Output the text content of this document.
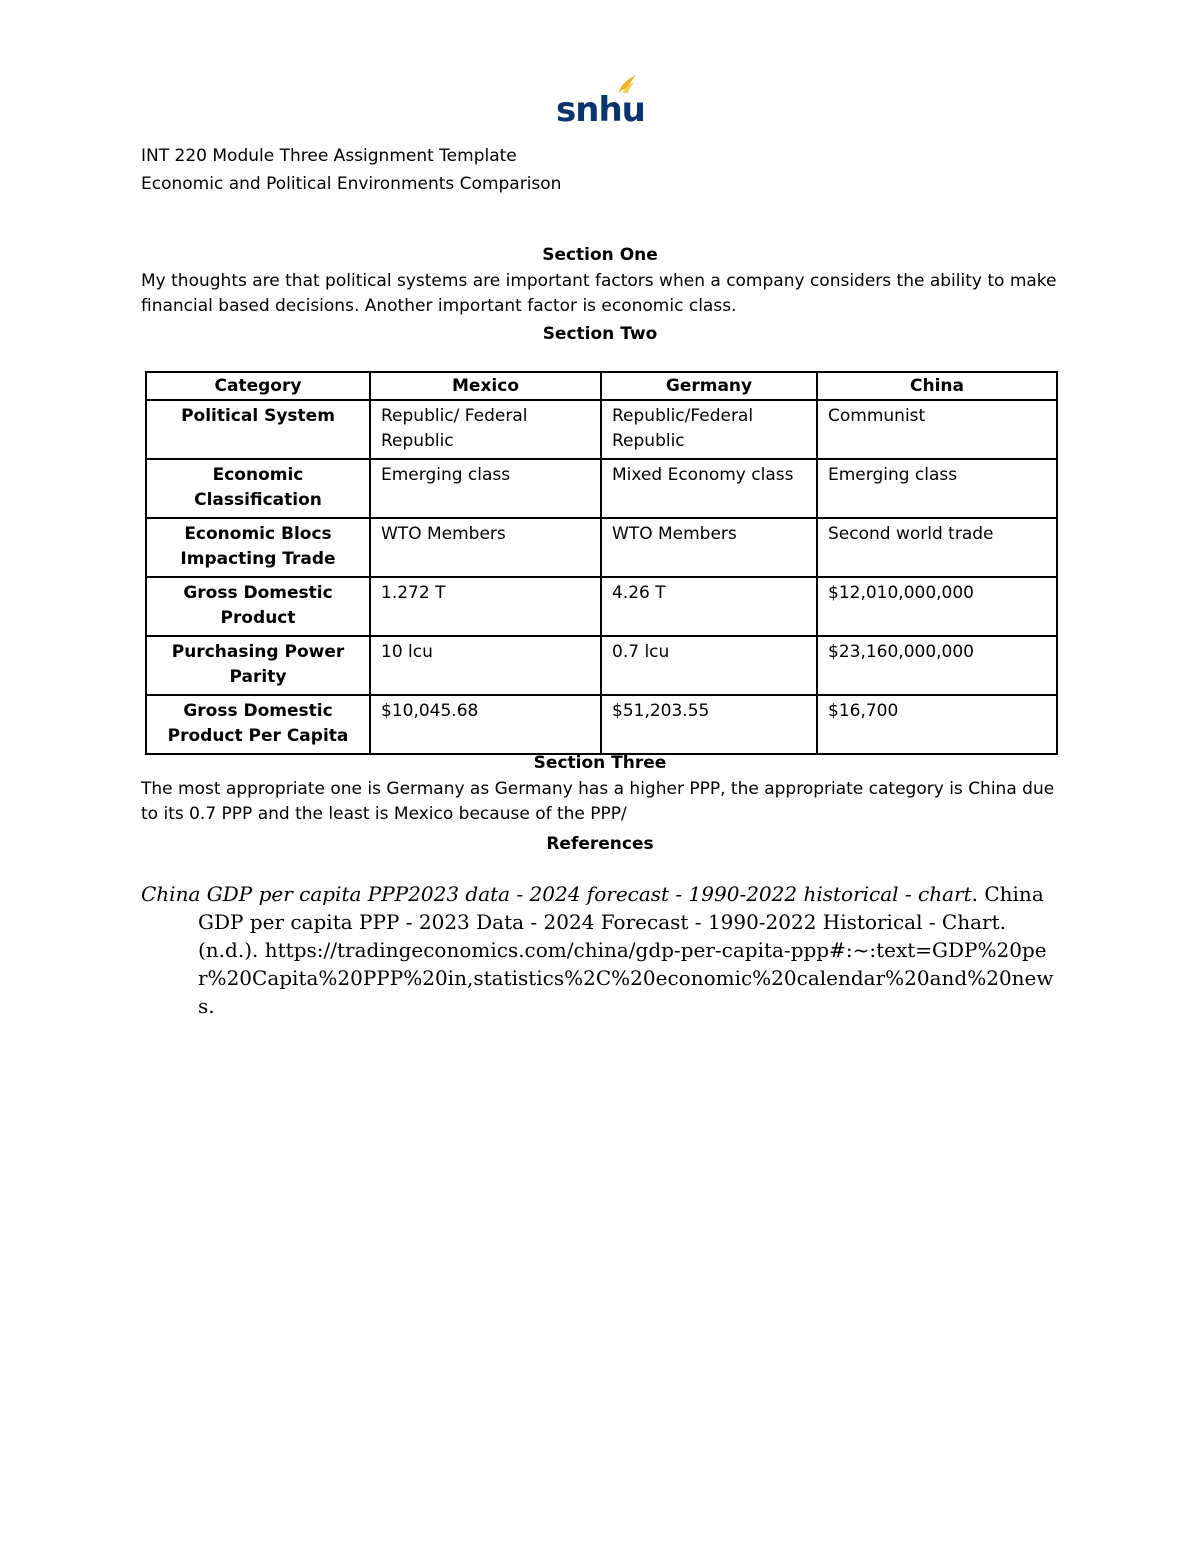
snhu
INT 220 Module Three Assignment Template
Economic and Political Environments Comparison
Section One
My thoughts are that political systems are important factors when a company considers the ability to make financial based decisions. Another important factor is economic class.
Section Two
Category	Mexico	Germany	China
Political System	Republic/ Federal Republic	Republic/Federal Republic	Communist
Economic Classification	Emerging class	Mixed Economy class	Emerging class
Economic Blocs Impacting Trade	WTO Members	WTO Members	Second world trade
Gross Domestic Product	1.272 T	4.26 T	$12,010,000,000
Purchasing Power Parity	10 lcu	0.7 lcu	$23,160,000,000
Gross Domestic Product Per Capita	$10,045.68	$51,203.55	$16,700
Section Three
The most appropriate one is Germany as Germany has a higher PPP, the appropriate category is China due to its 0.7 PPP and the least is Mexico because of the PPP/
References
China GDP per capita PPP2023 data - 2024 forecast - 1990-2022 historical - chart. China GDP per capita PPP - 2023 Data - 2024 Forecast - 1990-2022 Historical - Chart. (n.d.). https://tradingeconomics.com/china/gdp-per-capita-ppp#:~:text=GDP%20per%20Capita%20PPP%20in,statistics%2C%20economic%20calendar%20and%20news.
